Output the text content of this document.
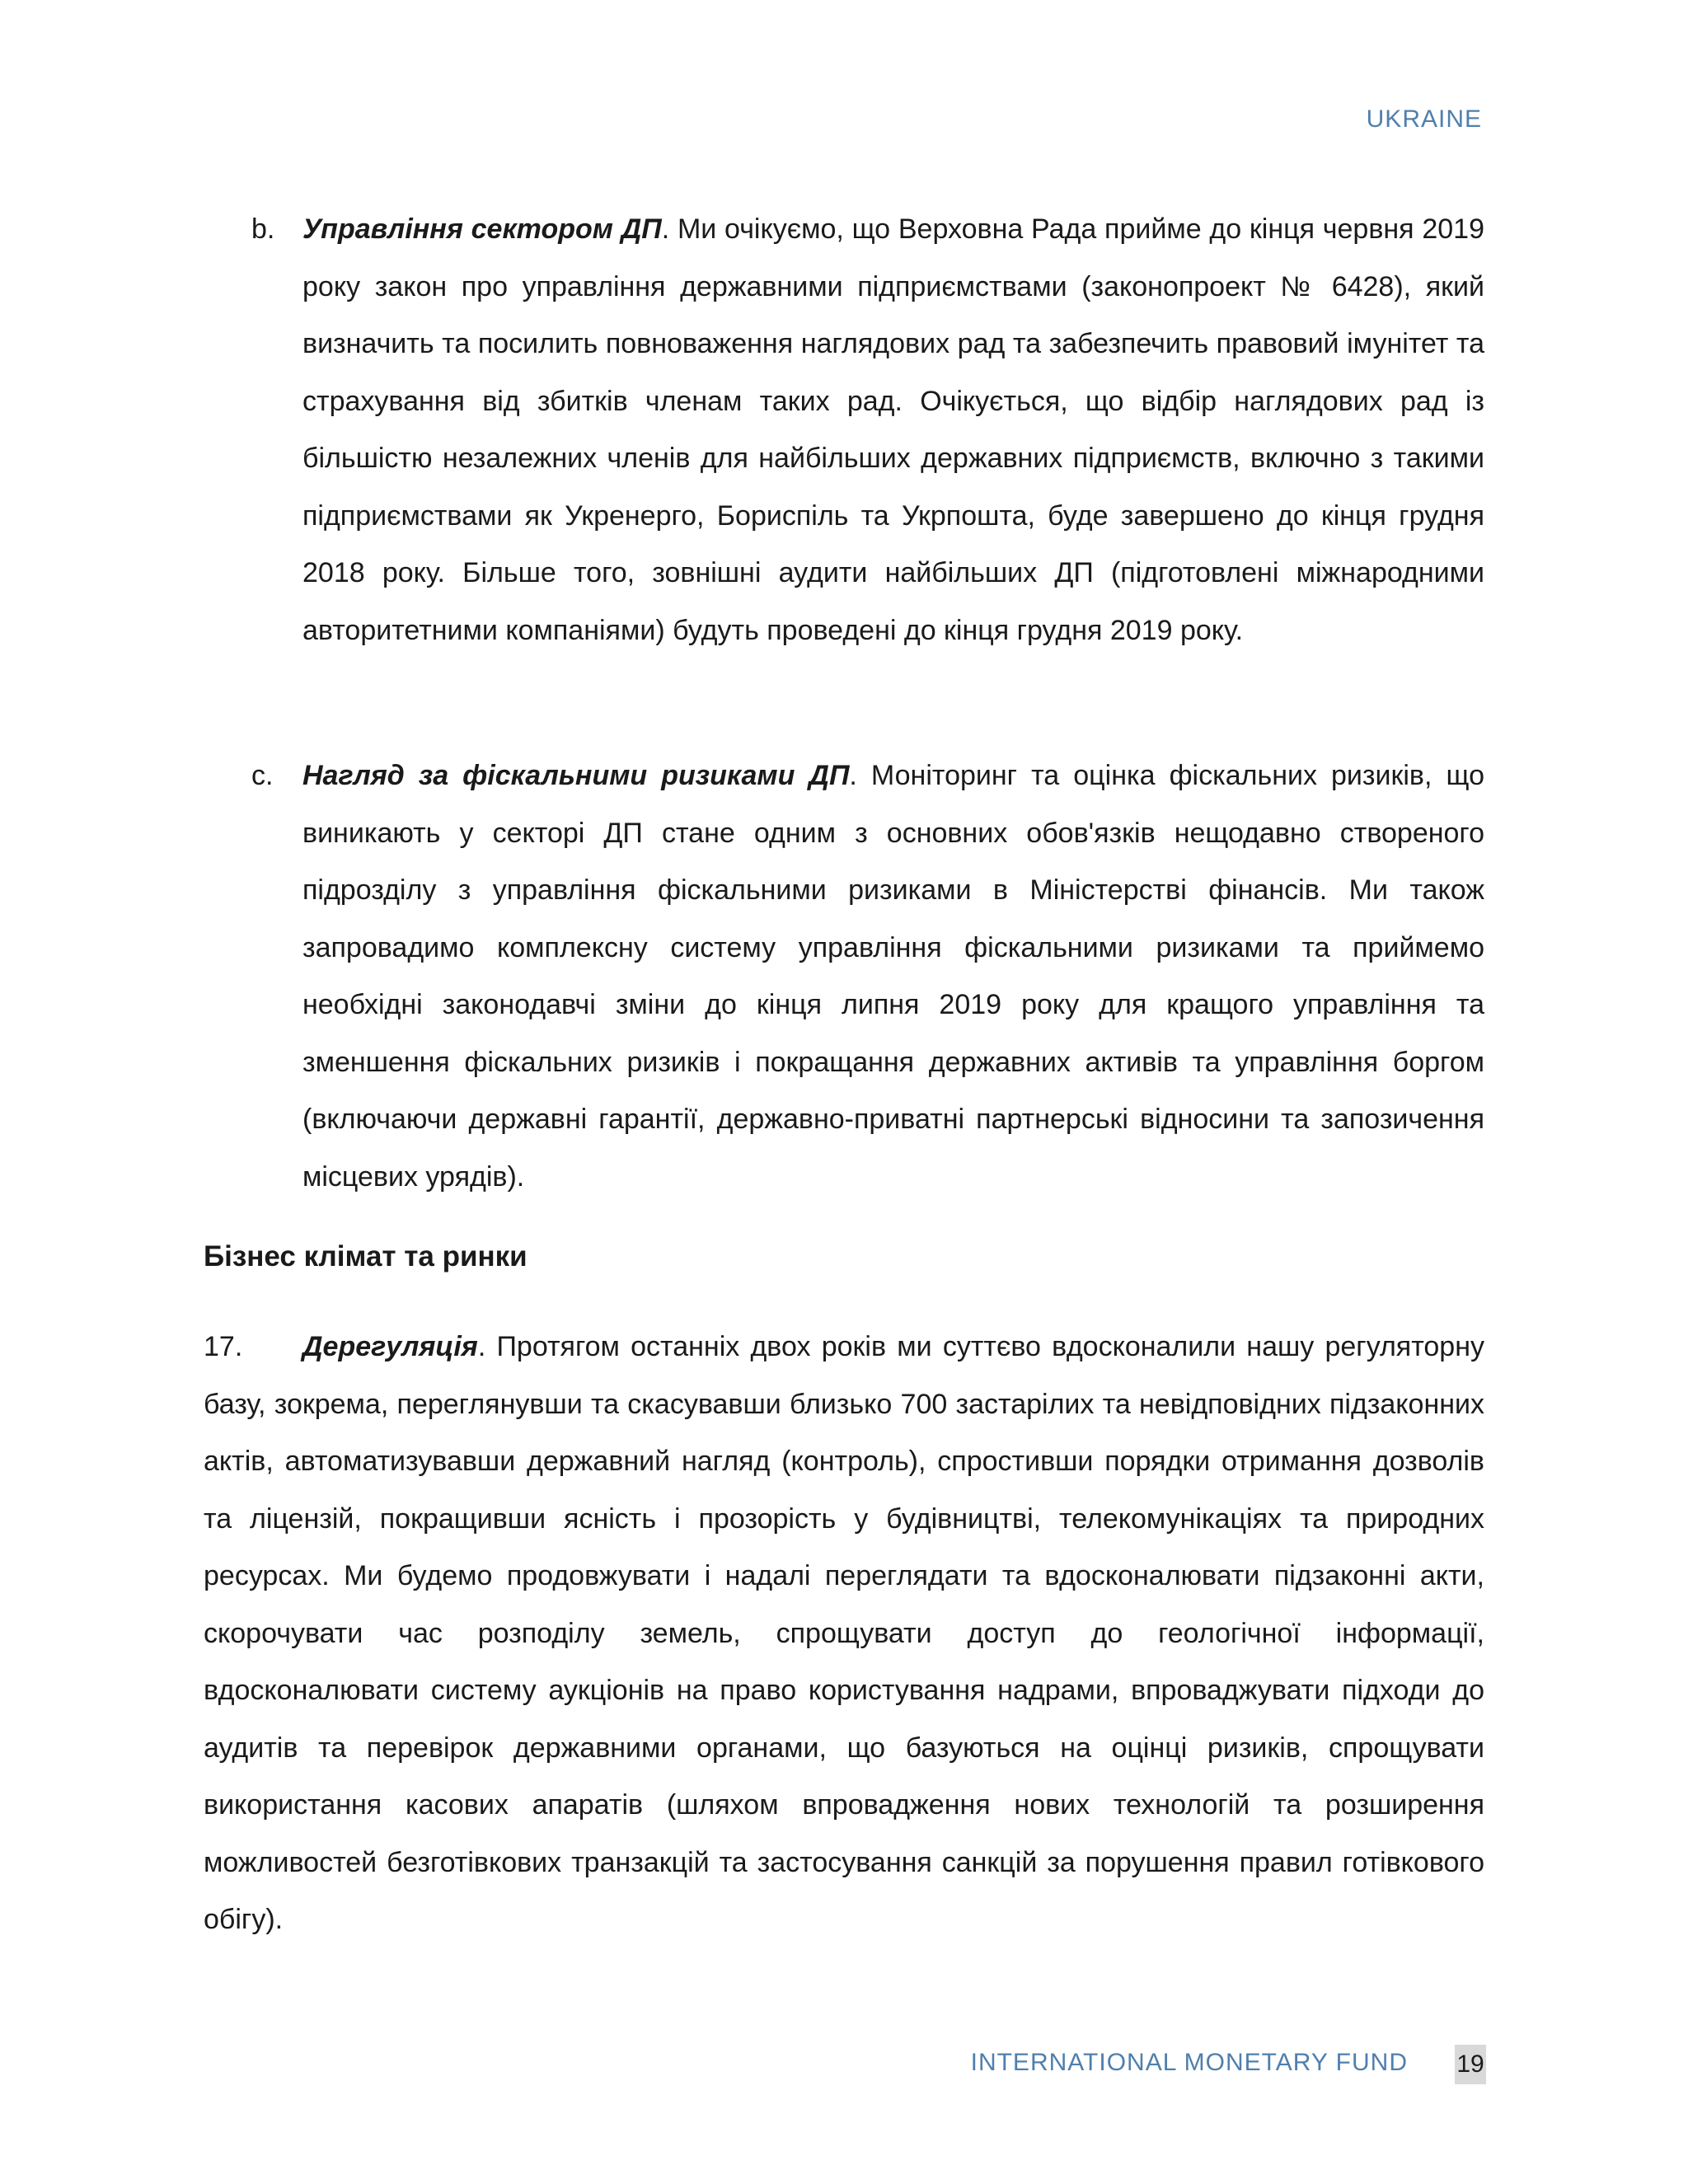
UKRAINE
b. Управління сектором ДП. Ми очікуємо, що Верховна Рада прийме до кінця червня 2019 року закон про управління державними підприємствами (законопроект № 6428), який визначить та посилить повноваження наглядових рад та забезпечить правовий імунітет та страхування від збитків членам таких рад. Очікується, що відбір наглядових рад із більшістю незалежних членів для найбільших державних підприємств, включно з такими підприємствами як Укренерго, Бориспіль та Укрпошта, буде завершено до кінця грудня 2018 року. Більше того, зовнішні аудити найбільших ДП (підготовлені міжнародними авторитетними компаніями) будуть проведені до кінця грудня 2019 року.
c.	Нагляд за фіскальними ризиками ДП. Моніторинг та оцінка фіскальних ризиків, що виникають у секторі ДП стане одним з основних обов'язків нещодавно створеного підрозділу з управління фіскальними ризиками в Міністерстві фінансів. Ми також запровадимо комплексну систему управління фіскальними ризиками та приймемо необхідні законодавчі зміни до кінця липня 2019 року для кращого управління та зменшення фіскальних ризиків і покращання державних активів та управління боргом (включаючи державні гарантії, державно-приватні партнерські відносини та запозичення місцевих урядів).
Бізнес клімат та ринки
17. Дерегуляція. Протягом останніх двох років ми суттєво вдосконалили нашу регуляторну базу, зокрема, переглянувши та скасувавши близько 700 застарілих та невідповідних підзаконних актів, автоматизувавши державний нагляд (контроль), спростивши порядки отримання дозволів та ліцензій, покращивши ясність і прозорість у будівництві, телекомунікаціях та природних ресурсах. Ми будемо продовжувати і надалі переглядати та вдосконалювати підзаконні акти, скорочувати час розподілу земель, спрощувати доступ до геологічної інформації, вдосконалювати систему аукціонів на право користування надрами, впроваджувати підходи до аудитів та перевірок державними органами, що базуються на оцінці ризиків, спрощувати використання касових апаратів (шляхом впровадження нових технологій та розширення можливостей безготівкових транзакцій та застосування санкцій за порушення правил готівкового обігу).
INTERNATIONAL MONETARY FUND 19
